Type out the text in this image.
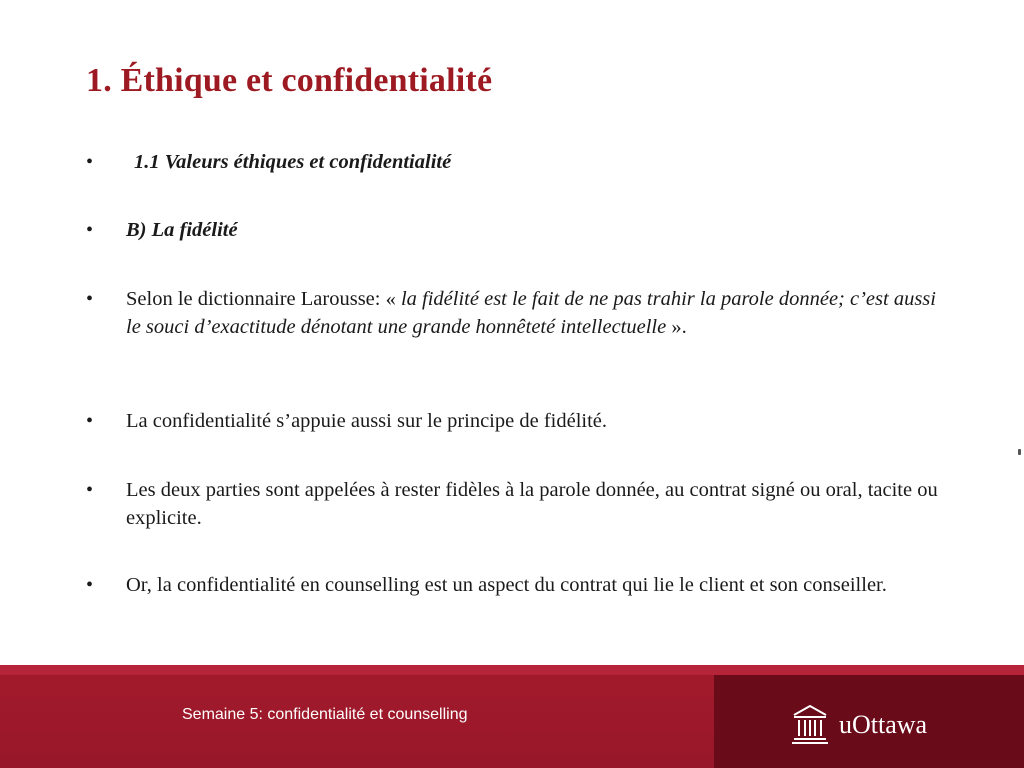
1. Éthique et confidentialité
• 1.1 Valeurs éthiques et confidentialité
• B) La fidélité
• Selon le dictionnaire Larousse: « la fidélité est le fait de ne pas trahir la parole donnée; c’est aussi le souci d’exactitude dénotant une grande honnêteté intellectuelle ».
• La confidentialité s’appuie aussi sur le principe de fidélité.
• Les deux parties sont appelées à rester fidèles à la parole donnée, au contrat signé ou oral, tacite ou explicite.
• Or, la confidentialité en counselling est un aspect du contrat qui lie le client et son conseiller.
Semaine 5: confidentialité et counselling	uOttawa
